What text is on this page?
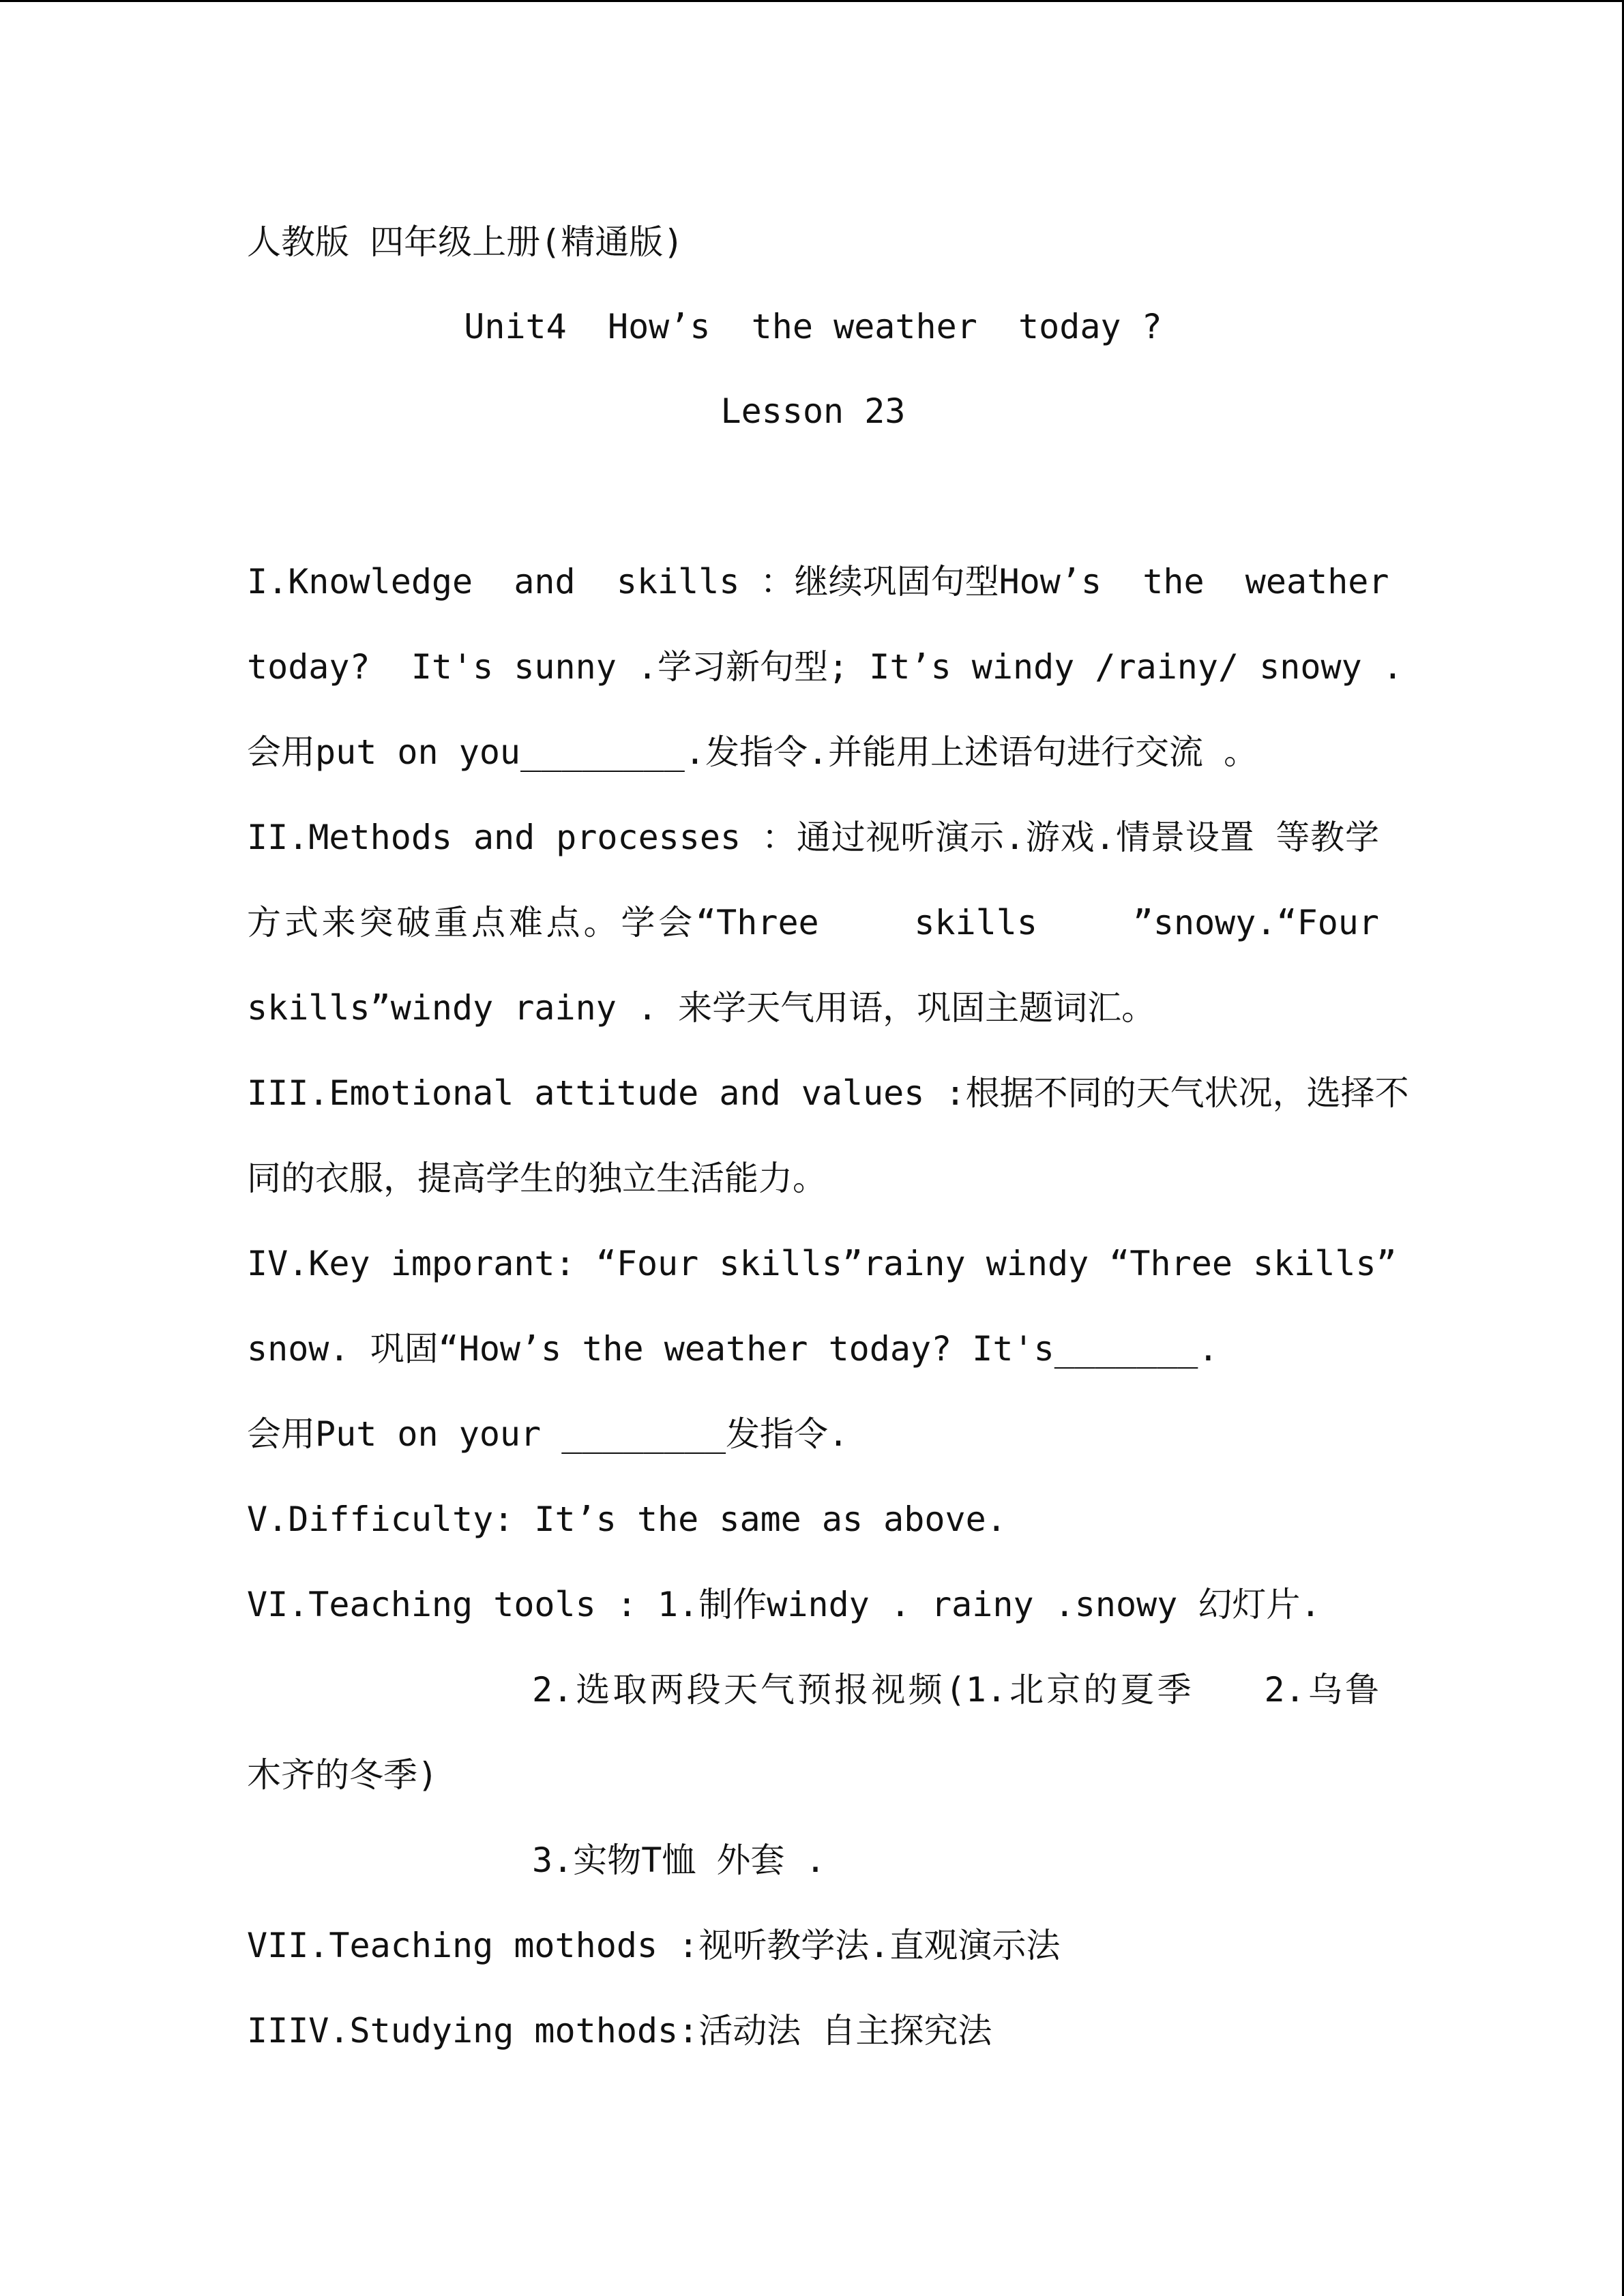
人教版 四年级上册(精通版)
Unit4  How’s  the weather  today ?
Lesson 23
I.Knowledge  and  skills ：继续巩固句型How’s  the  weather
today?  It's sunny .学习新句型; It’s windy /rainy/ snowy .
会用put on you________.发指令.并能用上述语句进行交流 。
II.Methods and processes ：通过视听演示.游戏.情景设置 等教学
方式来突破重点难点。学会“Three    skills    ”snowy.“Four
skills”windy rainy . 来学天气用语，巩固主题词汇。
III.Emotional attitude and values :根据不同的天气状况，选择不
同的衣服，提高学生的独立生活能力。
IV.Key imporant: “Four skills”rainy windy “Three skills”
snow. 巩固“How’s the weather today? It's_______.
会用Put on your ________发指令.
V.Difficulty: It’s the same as above.
VI.Teaching tools : 1.制作windy . rainy .snowy 幻灯片.
2.选取两段天气预报视频(1.北京的夏季   2.乌鲁
木齐的冬季)
3.实物T恤 外套 .
VII.Teaching mothods :视听教学法.直观演示法
IIIV.Studying mothods:活动法 自主探究法
